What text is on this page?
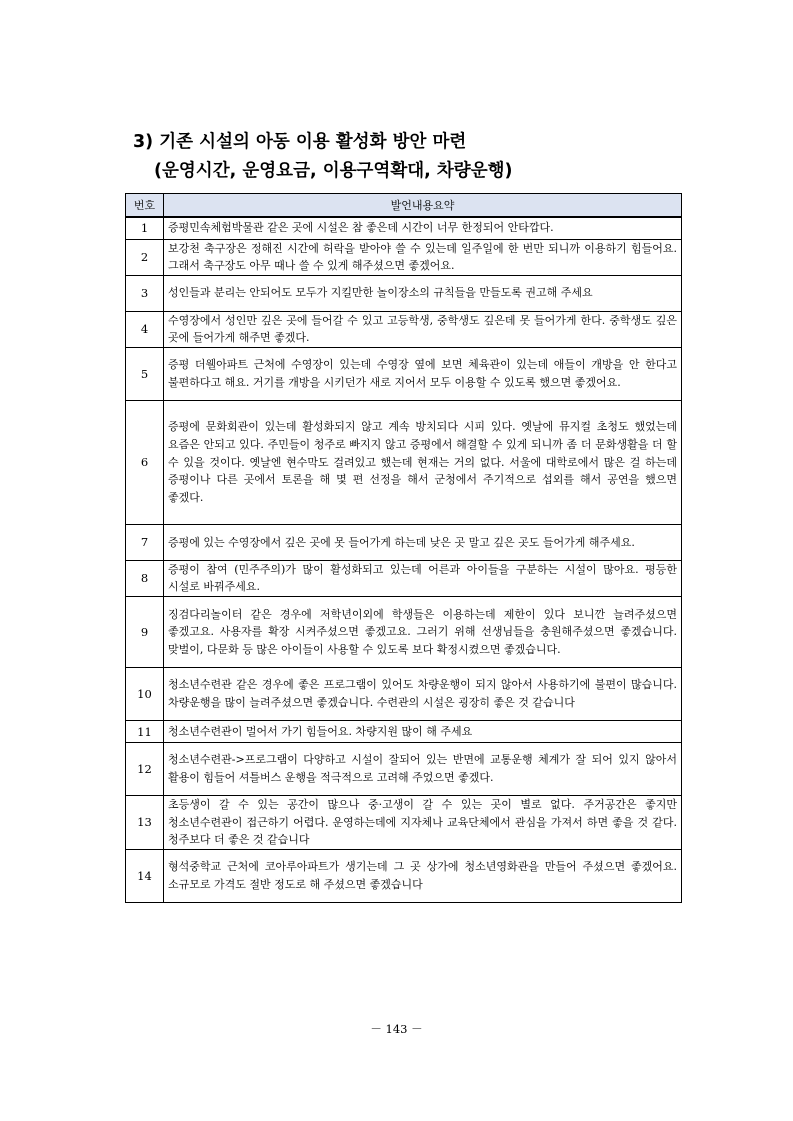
3) 기존 시설의 아동 이용 활성화 방안 마련
(운영시간, 운영요금, 이용구역확대, 차량운행)
번호	발언내용요약
1	증평민속체험박물관 같은 곳에 시설은 참 좋은데 시간이 너무 한정되어 안타깝다.
2	보강천 축구장은 정해진 시간에 허락을 받아야 쓸 수 있는데 일주일에 한 번만 되니까 이용하기 힘들어요. 그래서 축구장도 아무 때나 쓸 수 있게 해주셨으면 좋겠어요.
3	성인들과 분리는 안되어도 모두가 지킬만한 놀이장소의 규칙들을 만들도록 권고해 주세요
4	수영장에서 성인만 깊은 곳에 들어갈 수 있고 고등학생, 중학생도 깊은데 못 들어가게 한다. 중학생도 깊은 곳에 들어가게 해주면 좋겠다.
5	증평 더웰아파트 근처에 수영장이 있는데 수영장 옆에 보면 체육관이 있는데 애들이 개방을 안 한다고 불편하다고 해요. 거기를 개방을 시키던가 새로 지어서 모두 이용할 수 있도록 했으면 좋겠어요.
6	증평에 문화회관이 있는데 활성화되지 않고 계속 방치되다 시피 있다. 옛날에 뮤지컬 초청도 했었는데 요즘은 안되고 있다. 주민들이 청주로 빠지지 않고 증평에서 해결할 수 있게 되니까 좀 더 문화생활을 더 할 수 있을 것이다. 옛날엔 현수막도 걸려있고 했는데 현재는 거의 없다. 서울에 대학로에서 많은 걸 하는데 증평이나 다른 곳에서 토론을 해 몇 편 선정을 해서 군청에서 주기적으로 섭외를 해서 공연을 했으면 좋겠다.
7	증평에 있는 수영장에서 깊은 곳에 못 들어가게 하는데 낮은 곳 말고 깊은 곳도 들어가게 해주세요.
8	증평이 참여 (민주주의)가 많이 활성화되고 있는데 어른과 아이들을 구분하는 시설이 많아요. 평등한 시설로 바꿔주세요.
9	징검다리놀이터 같은 경우에 저학년이외에 학생들은 이용하는데 제한이 있다 보니깐 늘려주셨으면 좋겠고요. 사용자를 확장 시켜주셨으면 좋겠고요. 그러기 위해 선생님들을 충원해주셨으면 좋겠습니다. 맞벌이, 다문화 등 많은 아이들이 사용할 수 있도록 보다 확정시켰으면 좋겠습니다.
10	청소년수련관 같은 경우에 좋은 프로그램이 있어도 차량운행이 되지 않아서 사용하기에 불편이 많습니다. 차량운행을 많이 늘려주셨으면 좋겠습니다. 수련관의 시설은 굉장히 좋은 것 같습니다
11	청소년수련관이 멀어서 가기 힘들어요. 차량지원 많이 해 주세요
12	청소년수련관->프로그램이 다양하고 시설이 잘되어 있는 반면에 교통운행 체계가 잘 되어 있지 않아서 활용이 힘들어 셔틀버스 운행을 적극적으로 고려해 주었으면 좋겠다.
13	초등생이 갈 수 있는 공간이 많으나 중·고생이 갈 수 있는 곳이 별로 없다. 주거공간은 좋지만 청소년수련관이 접근하기 어렵다. 운영하는데에 지자체나 교육단체에서 관심을 가져서 하면 좋을 것 같다. 청주보다 더 좋은 것 같습니다
14	형석중학교 근처에 코아루아파트가 생기는데 그 곳 상가에 청소년영화관을 만들어 주셨으면 좋겠어요. 소규모로 가격도 절반 정도로 해 주셨으면 좋겠습니다
－ 143 －
